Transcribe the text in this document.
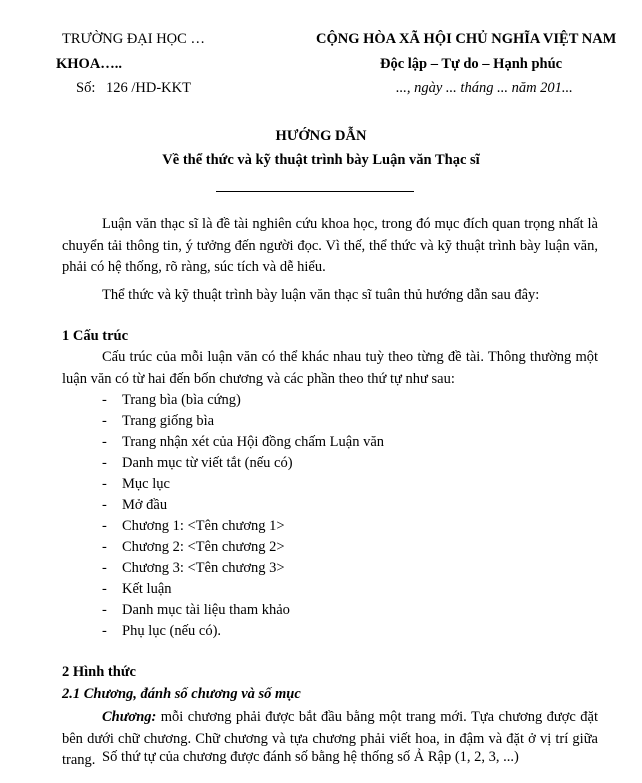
TRƯỜNG ĐẠI HỌC …
KHOA…..
Số: 126 /HD-KKT
CỘNG HÒA XÃ HỘI CHỦ NGHĨA VIỆT NAM
Độc lập – Tự do – Hạnh phúc
..., ngày ... tháng ... năm 201...
HƯỚNG DẪN
Về thể thức và kỹ thuật trình bày Luận văn Thạc sĩ
Luận văn thạc sĩ là đề tài nghiên cứu khoa học, trong đó mục đích quan trọng nhất là chuyển tải thông tin, ý tưởng đến người đọc. Vì thế, thể thức và kỹ thuật trình bày luận văn, phải có hệ thống, rõ ràng, súc tích và dễ hiểu.
Thể thức và kỹ thuật trình bày luận văn thạc sĩ tuân thủ hướng dẫn sau đây:
1 Cấu trúc
Cấu trúc của mỗi luận văn có thể khác nhau tuỳ theo từng đề tài. Thông thường một luận văn có từ hai đến bốn chương và các phần theo thứ tự như sau:
- Trang bìa (bìa cứng)
- Trang giống bìa
- Trang nhận xét của Hội đồng chấm Luận văn
- Danh mục từ viết tắt (nếu có)
- Mục lục
- Mở đầu
- Chương 1: <Tên chương 1>
- Chương 2: <Tên chương 2>
- Chương 3: <Tên chương 3>
- Kết luận
- Danh mục tài liệu tham khảo
- Phụ lục (nếu có).
2 Hình thức
2.1 Chương, đánh số chương và số mục
Chương: mỗi chương phải được bắt đầu bằng một trang mới. Tựa chương được đặt bên dưới chữ chương. Chữ chương và tựa chương phải viết hoa, in đậm và đặt ở vị trí giữa trang. Số thứ tự của chương được đánh số bằng hệ thống số Ả Rập (1, 2, 3, ...)
